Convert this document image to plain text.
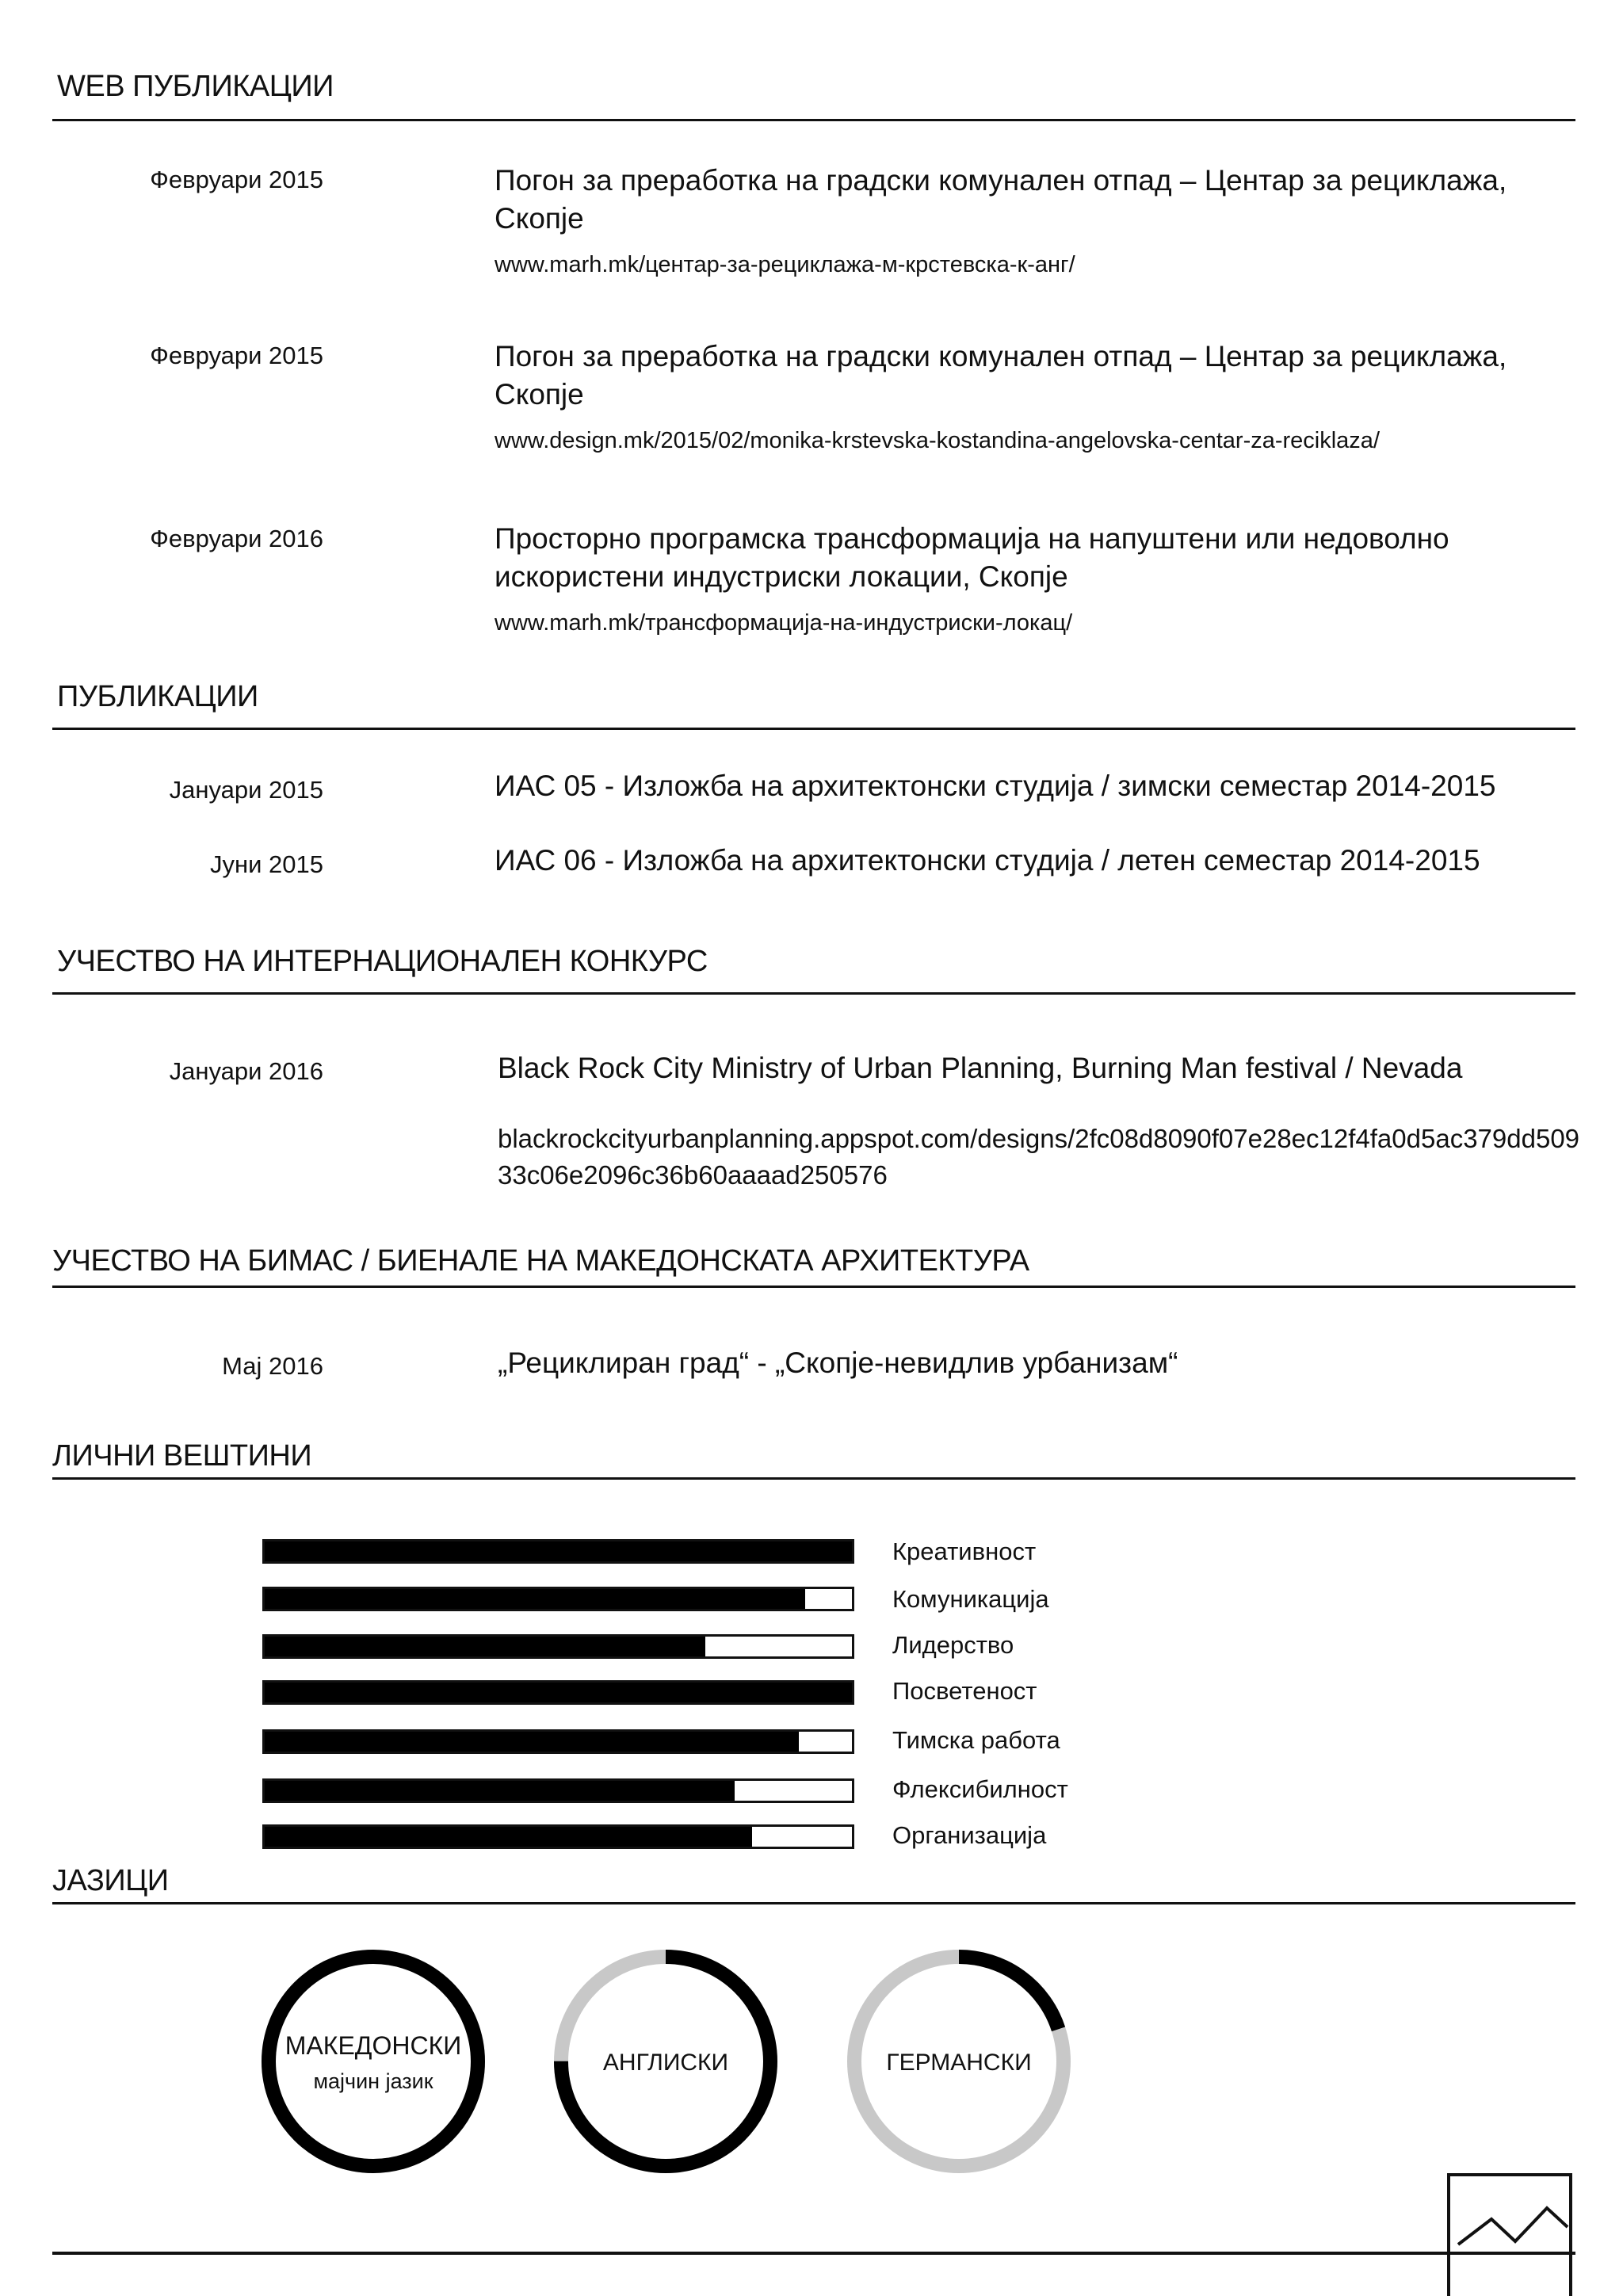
WEB ПУБЛИКАЦИИ
Февруари 2015	Погон за преработка на градски комунален отпад – Центар за рециклажа, Скопје
www.marh.mk/центар-за-рециклажа-м-крстевска-к-анг/
Февруари 2015	Погон за преработка на градски комунален отпад – Центар за рециклажа, Скопје
www.design.mk/2015/02/monika-krstevska-kostandina-angelovska-centar-za-reciklaza/
Февруари 2016	Просторно програмска трансформација на напуштени или недоволно искористени индустриски локации, Скопје
www.marh.mk/трансформација-на-индустриски-локац/
ПУБЛИКАЦИИ
Јануари 2015	ИАС 05 - Изложба на архитектонски студија / зимски семестар 2014-2015
Јуни 2015	ИАС 06 - Изложба на архитектонски студија / летен семестар 2014-2015
УЧЕСТВО НА ИНТЕРНАЦИОНАЛЕН КОНКУРС
Јануари 2016	Black Rock City Ministry of Urban Planning, Burning Man festival / Nevada
blackrockcityurbanplanning.appspot.com/designs/2fc08d8090f07e28ec12f4fa0d5ac379dd50933c06e2096c36b60aaaad250576
УЧЕСТВО НА БИМАС / БИЕНАЛЕ НА МАКЕДОНСКАТА АРХИТЕКТУРА
Мај 2016	„Рециклиран град“ - „Скопје-невидлив урбанизам“
ЛИЧНИ ВЕШТИНИ
Креативност
Комуникација
Лидерство
Посветеност
Тимска работа
Флексибилност
Организација
ЈАЗИЦИ
МАКЕДОНСКИ
мајчин јазик
АНГЛИСКИ	ГЕРМАНСКИ
